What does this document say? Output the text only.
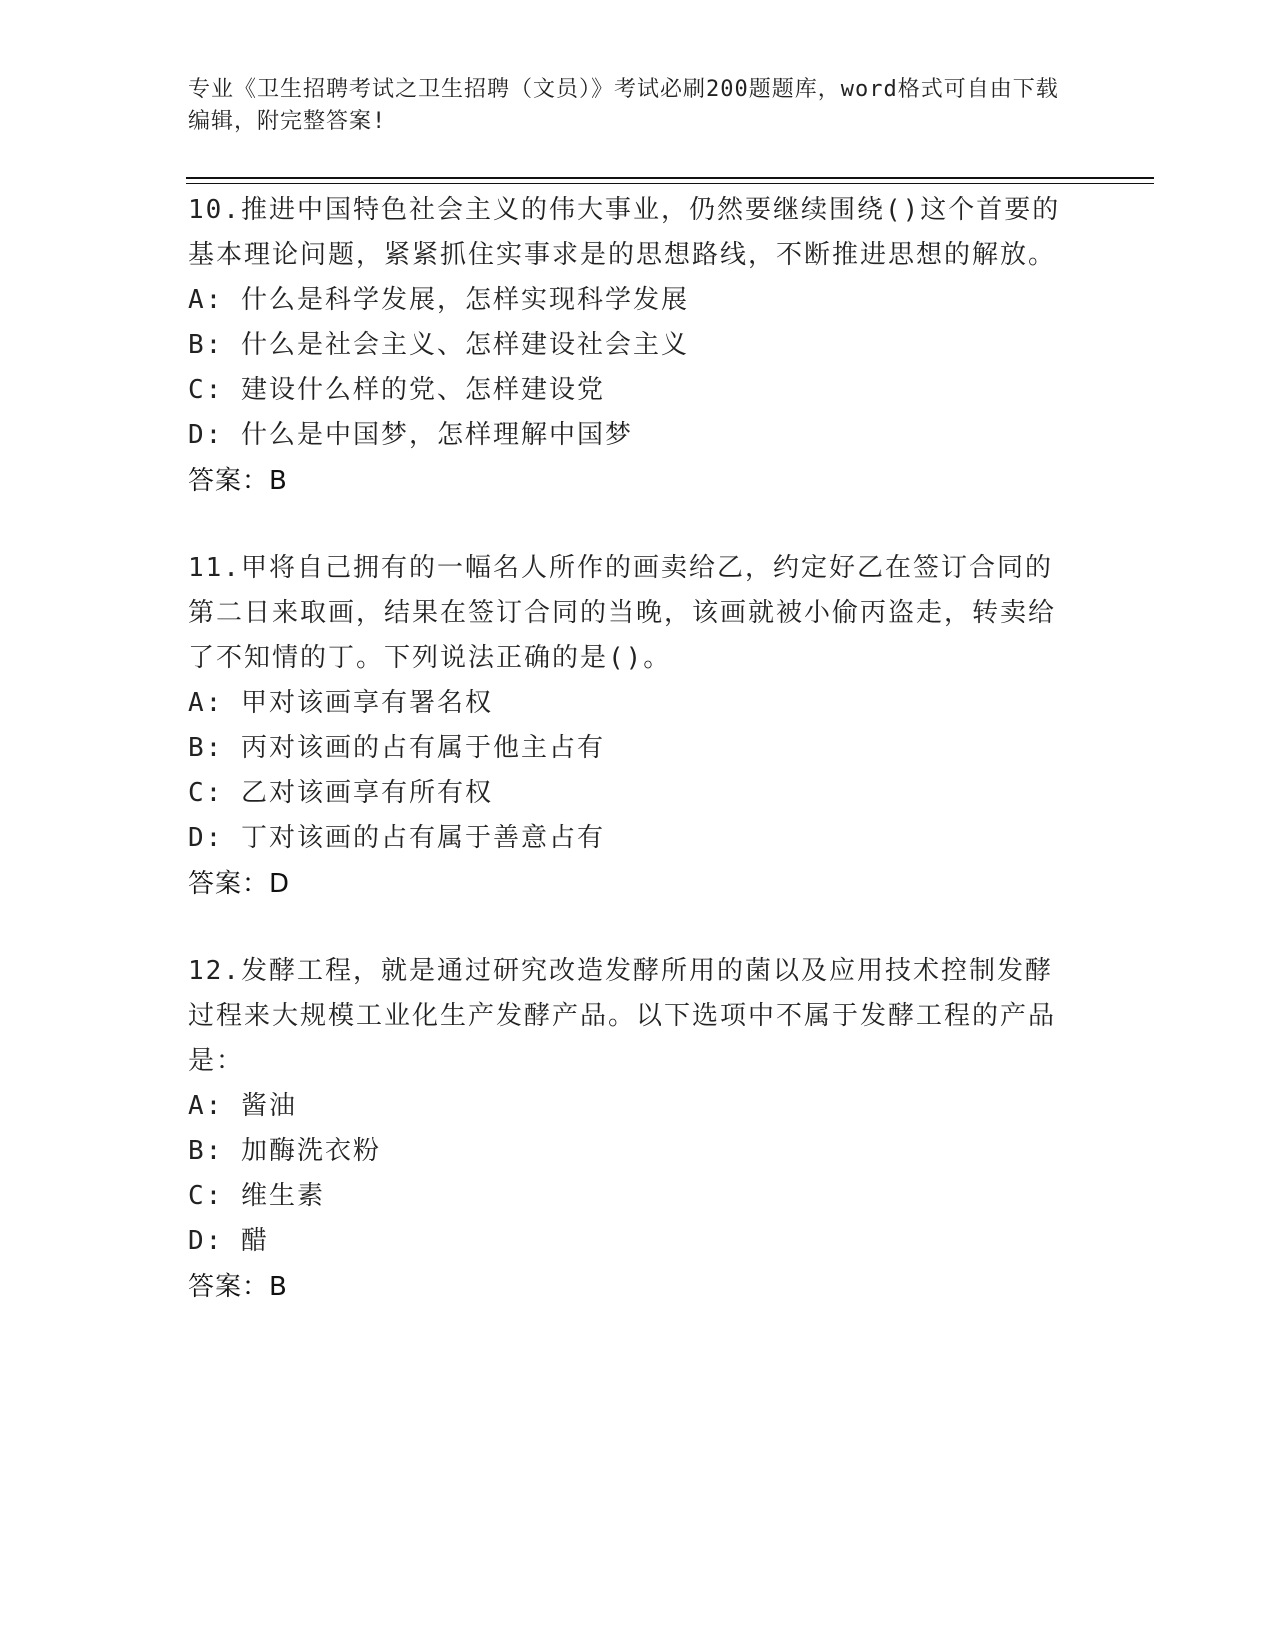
专业《卫生招聘考试之卫生招聘（文员）》考试必刷200题题库，word格式可自由下载编辑，附完整答案!
10.推进中国特色社会主义的伟大事业，仍然要继续围绕()这个首要的基本理论问题，紧紧抓住实事求是的思想路线，不断推进思想的解放。
A: 什么是科学发展，怎样实现科学发展
B: 什么是社会主义、怎样建设社会主义
C: 建设什么样的党、怎样建设党
D: 什么是中国梦，怎样理解中国梦
答案：B
11.甲将自己拥有的一幅名人所作的画卖给乙，约定好乙在签订合同的第二日来取画，结果在签订合同的当晚，该画就被小偷丙盗走，转卖给了不知情的丁。下列说法正确的是()。
A: 甲对该画享有署名权
B: 丙对该画的占有属于他主占有
C: 乙对该画享有所有权
D: 丁对该画的占有属于善意占有
答案：D
12.发酵工程，就是通过研究改造发酵所用的菌以及应用技术控制发酵过程来大规模工业化生产发酵产品。以下选项中不属于发酵工程的产品是：
A: 酱油
B: 加酶洗衣粉
C: 维生素
D: 醋
答案：B
